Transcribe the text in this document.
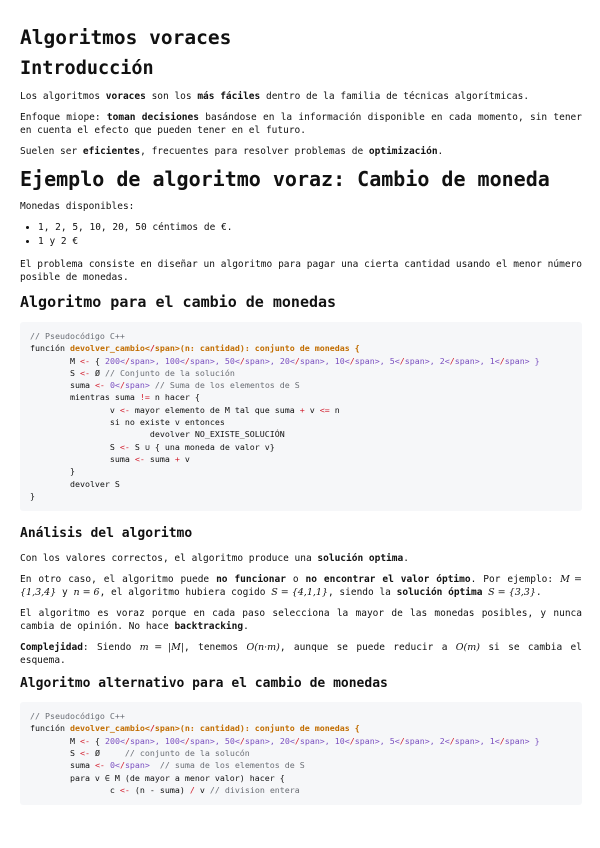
Algoritmos voraces
Introducción

Los algoritmos voraces son los más fáciles dentro de la familia de técnicas algorítmicas.

Enfoque miope: toman decisiones basándose en la información disponible en cada momento, sin tener en cuenta el efecto que pueden tener en el futuro.

Suelen ser eficientes, frecuentes para resolver problemas de optimización.

Ejemplo de algoritmo voraz: Cambio de moneda

Monedas disponibles:

• 1, 2, 5, 10, 20, 50 céntimos de €.
• 1 y 2 €

El problema consiste en diseñar un algoritmo para pagar una cierta cantidad usando el menor número posible de monedas.

Algoritmo para el cambio de monedas
// Pseudocódigo C++
función devolver_cambio</span>(n: cantidad): conjunto de monedas {
M <- { 200</span>, 100</span>, 50</span>, 20</span>, 10</span>, 5</span>, 2</span>, 1</span> }
S <- Ø // Conjunto de la solución
suma <- 0</span> // Suma de los elementos de S
mientras suma != n hacer {
v <- mayor elemento de M tal que suma + v <= n
si no existe v entonces
devolver NO_EXISTE_SOLUCIÓN
S <- S ∪ { una moneda de valor v}
suma <- suma + v
}
devolver S
}
Análisis del algoritmo

Con los valores correctos, el algoritmo produce una solución optima.

En otro caso, el algoritmo puede no funcionar o no encontrar el valor óptimo. Por ejemplo: M = {1,3,4} y n = 6, el algoritmo hubiera cogido S = {4,1,1}, siendo la solución óptima S = {3,3}.

El algoritmo es voraz porque en cada paso selecciona la mayor de las monedas posibles, y nunca cambia de opinión. No hace backtracking.

Complejidad: Siendo m = |M|, tenemos O(n·m), aunque se puede reducir a O(m) si se cambia el esquema.

Algoritmo alternativo para el cambio de monedas
// Pseudocódigo C++
función devolver_cambio</span>(n: cantidad): conjunto de monedas {
M <- { 200</span>, 100</span>, 50</span>, 20</span>, 10</span>, 5</span>, 2</span>, 1</span> }
S <- Ø     // conjunto de la solucón
suma <- 0</span>  // suma de los elementos de S
para v ∈ M (de mayor a menor valor) hacer {
c <- (n - suma) / v // division entera
